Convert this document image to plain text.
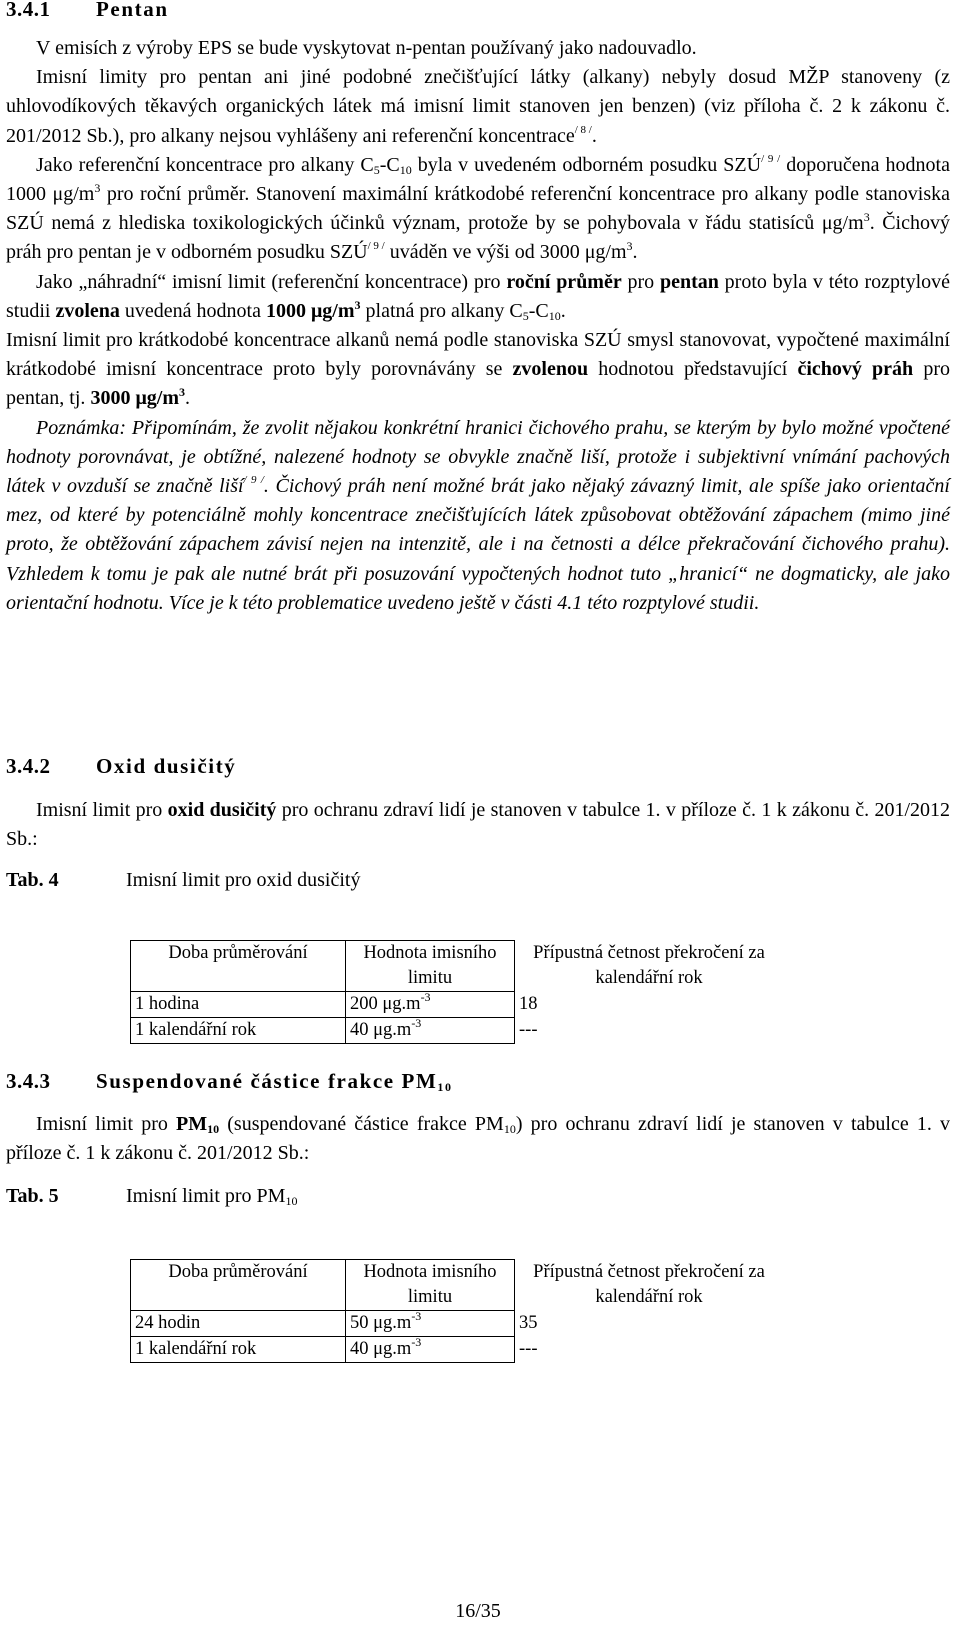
3.4.1 Pentan

V emisích z výroby EPS se bude vyskytovat n-pentan používaný jako nadouvadlo.

Imisní limity pro pentan ani jiné podobné znečišťující látky (alkany) nebyly dosud MŽP stanoveny (z uhlovodíkových těkavých organických látek má imisní limit stanoven jen benzen) (viz příloha č. 2 k zákonu č. 201/2012 Sb.), pro alkany nejsou vyhlášeny ani referenční koncentrace$^{/ 8 /}$.

Jako referenční koncentrace pro alkany $C_5-C_{10}$ byla v uvedeném odborném posudku SZÚ$^{/ 9 /}$ doporučena hodnota 1000 $\mu g/m^3$ pro roční průměr. Stanovení maximální krátkodobé referenční koncentrace pro alkany podle stanoviska SZÚ nemá z hlediska toxikologických účinků význam, protože by se pohybovala v řádu statisíců $\mu g/m^3$. Čichový práh pro pentan je v odborném posudku SZÚ$^{/ 9 /}$ uváděn ve výši od 3000 $\mu g/m^3$.

Jako „náhradní“ imisní limit (referenční koncentrace) pro roční průměr pro pentan proto byla v této rozptylové studii zvolena uvedená hodnota 1000 $\mu g/m^3$ platná pro alkany $C_5-C_{10}$.

Imisní limit pro krátkodobé koncentrace alkanů nemá podle stanoviska SZÚ smysl stanovovat, vypočtené maximální krátkodobé imisní koncentrace proto byly porovnávány se zvolenou hodnotou představující čichový práh pro pentan, tj. 3000 $\mu g/m^3$.

Poznámka: Připomínám, že zvolit nějakou konkrétní hranici čichového prahu, se kterým by bylo možné vpočtené hodnoty porovnávat, je obtížné, nalezené hodnoty se obvykle značně liší, protože i subjektivní vnímání pachových látek v ovzduší se značně liší$^{/ 9 /}$. Čichový práh není možné brát jako nějaký závazný limit, ale spíše jako orientační mez, od které by potenciálně mohly koncentrace znečišťujících látek způsobovat obtěžování zápachem (mimo jiné proto, že obtěžování zápachem závisí nejen na intenzitě, ale i na četnosti a délce překračování čichového prahu). Vzhledem k tomu je pak ale nutné brát při posuzování vypočtených hodnot tuto „hranicí“ ne dogmaticky, ale jako orientační hodnotu. Více je k této problematice uvedeno ještě v části 4.1 této rozptylové studii.

3.4.2 Oxid dusičitý

Imisní limit pro oxid dusičitý pro ochranu zdraví lidí je stanoven v tabulce 1. v příloze č. 1 k zákonu č. 201/2012 Sb.:

Tab. 4	Imisní limit pro oxid dusičitý
Doba průměrování	Hodnota imisního limitu	Přípustná četnost překročení za kalendářní rok
1 hodina	200 $\mu g.m^{-3}$	18
1 kalendářní rok	40 $\mu g.m^{-3}$	---
3.4.3 Suspendované částice frakce $PM_{10}$

Imisní limit pro $PM_{10}$ (suspendované částice frakce $PM_{10}$) pro ochranu zdraví lidí je stanoven v tabulce 1. v příloze č. 1 k zákonu č. 201/2012 Sb.:

Tab. 5	Imisní limit pro $PM_{10}$
Doba průměrování	Hodnota imisního limitu	Přípustná četnost překročení za kalendářní rok
24 hodin	50 $\mu g.m^{-3}$	35
1 kalendářní rok	40 $\mu g.m^{-3}$	---
16/35
